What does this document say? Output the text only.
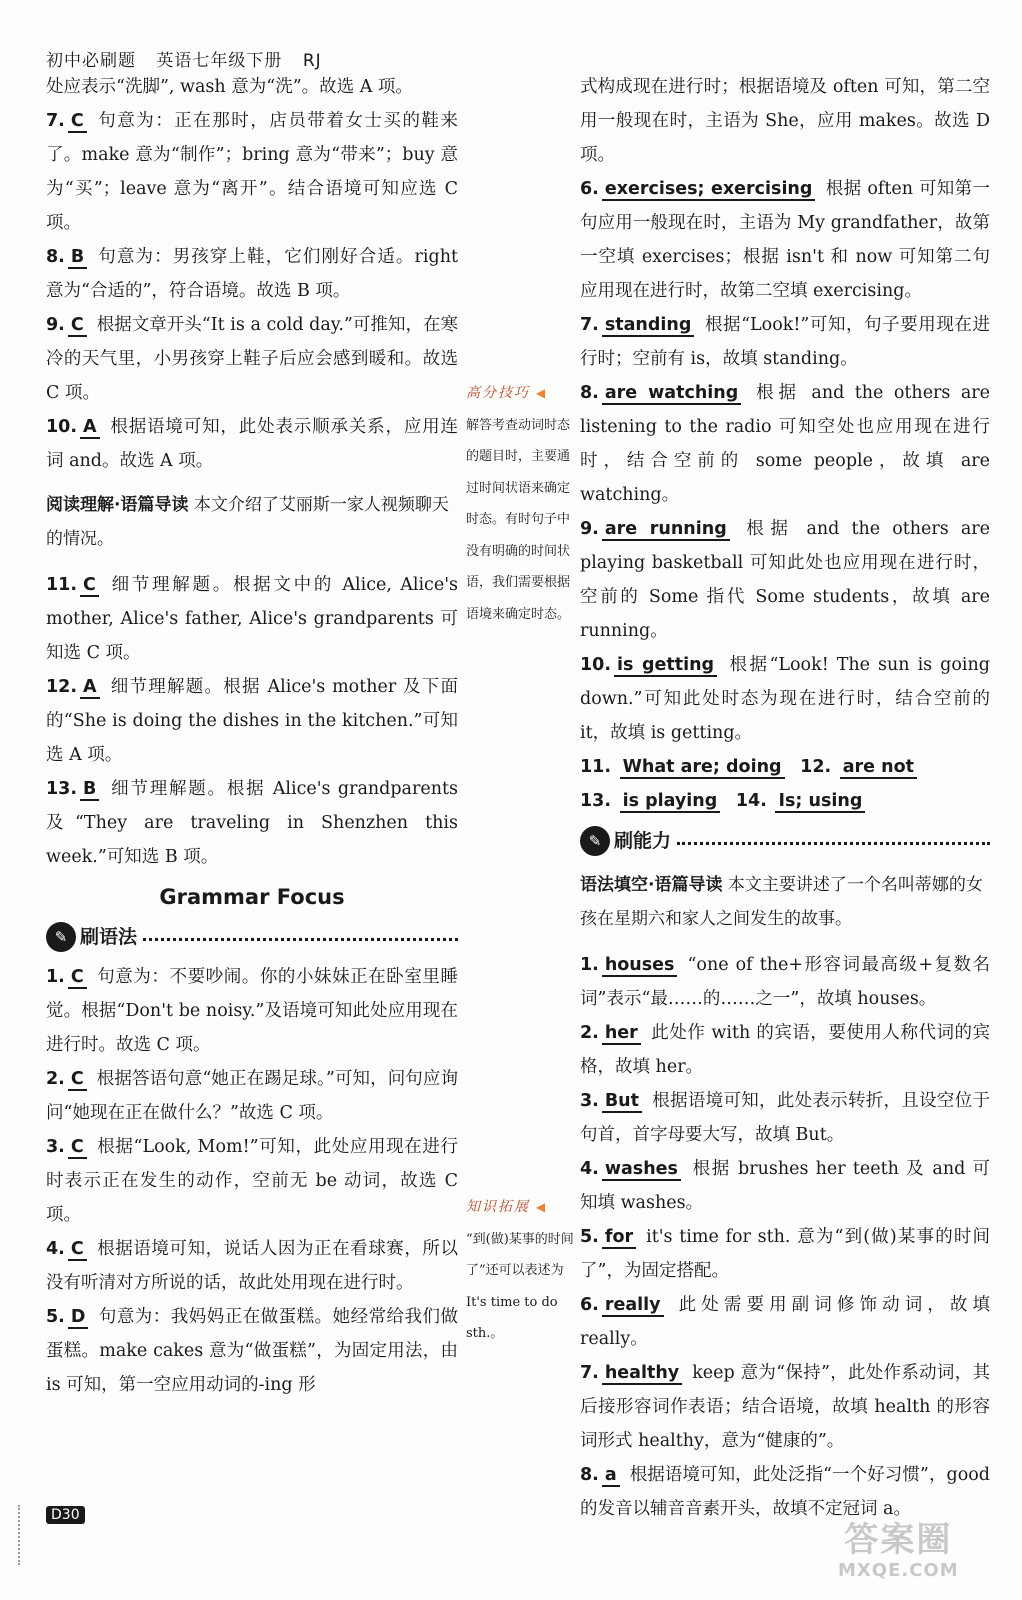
初中必刷题 英语七年级下册 RJ

处应表示“洗脚”, wash 意为“洗”。故选 A 项。

7. C 句意为：正在那时，店员带着女士买的鞋来了。make 意为“制作”；bring 意为“带来”；buy 意为“买”；leave 意为“离开”。结合语境可知应选 C 项。

8. B 句意为：男孩穿上鞋，它们刚好合适。right 意为“合适的”，符合语境。故选 B 项。

9. C 根据文章开头“It is a cold day.”可推知，在寒冷的天气里，小男孩穿上鞋子后应会感到暖和。故选 C 项。

10. A 根据语境可知，此处表示顺承关系，应用连词 and。故选 A 项。

阅读理解·语篇导读 本文介绍了艾丽斯一家人视频聊天的情况。

11. C 细节理解题。根据文中的 Alice, Alice's mother, Alice's father, Alice's grandparents 可知选 C 项。

12. A 细节理解题。根据 Alice's mother 及下面的“She is doing the dishes in the kitchen.”可知选 A 项。

13. B 细节理解题。根据 Alice's grandparents 及“They are traveling in Shenzhen this week.”可知选 B 项。

Grammar Focus
✎ 刷语法

1. C 句意为：不要吵闹。你的小妹妹正在卧室里睡觉。根据“Don't be noisy.”及语境可知此处应用现在进行时。故选 C 项。

2. C 根据答语句意“她正在踢足球。”可知，问句应询问“她现在正在做什么？”故选 C 项。

3. C 根据“Look, Mom!”可知，此处应用现在进行时表示正在发生的动作，空前无 be 动词，故选 C 项。

4. C 根据语境可知，说话人因为正在看球赛，所以没有听清对方所说的话，故此处用现在进行时。

5. D 句意为：我妈妈正在做蛋糕。她经常给我们做蛋糕。make cakes 意为“做蛋糕”，为固定用法，由 is 可知，第一空应用动词的-ing 形

高分技巧 ◀
解答考查动词时态的题目时，主要通过时间状语来确定时态。有时句子中没有明确的时间状语，我们需要根据语境来确定时态。
知识拓展 ◀
“到(做)某事的时间了”还可以表述为 It's time to do sth.。

式构成现在进行时；根据语境及 often 可知，第二空用一般现在时，主语为 She，应用 makes。故选 D 项。

6. exercises; exercising 根据 often 可知第一句应用一般现在时，主语为 My grandfather，故第一空填 exercises；根据 isn't 和 now 可知第二句应用现在进行时，故第二空填 exercising。

7. standing 根据“Look!”可知，句子要用现在进行时；空前有 is，故填 standing。

8. are watching 根据 and the others are listening to the radio 可知空处也应用现在进行时，结合空前的 some people，故填 are watching。

9. are running 根据 and the others are playing basketball 可知此处也应用现在进行时，空前的 Some 指代 Some students，故填 are running。

10. is getting 根据“Look! The sun is going down.”可知此处时态为现在进行时，结合空前的 it，故填 is getting。

11. What are; doing 12. are not

13. is playing 14. Is; using

✎ 刷能力

语法填空·语篇导读 本文主要讲述了一个名叫蒂娜的女孩在星期六和家人之间发生的故事。

1. houses “one of the+形容词最高级+复数名词”表示“最……的……之一”，故填 houses。

2. her 此处作 with 的宾语，要使用人称代词的宾格，故填 her。

3. But 根据语境可知，此处表示转折，且设空位于句首，首字母要大写，故填 But。

4. washes 根据 brushes her teeth 及 and 可知填 washes。

5. for it's time for sth. 意为“到(做)某事的时间了”，为固定搭配。

6. really 此处需要用副词修饰动词，故填 really。

7. healthy keep 意为“保持”，此处作系动词，其后接形容词作表语；结合语境，故填 health 的形容词形式 healthy，意为“健康的”。

8. a 根据语境可知，此处泛指“一个好习惯”，good 的发音以辅音音素开头，故填不定冠词 a。

D30
答案圈
MXQE.COM
